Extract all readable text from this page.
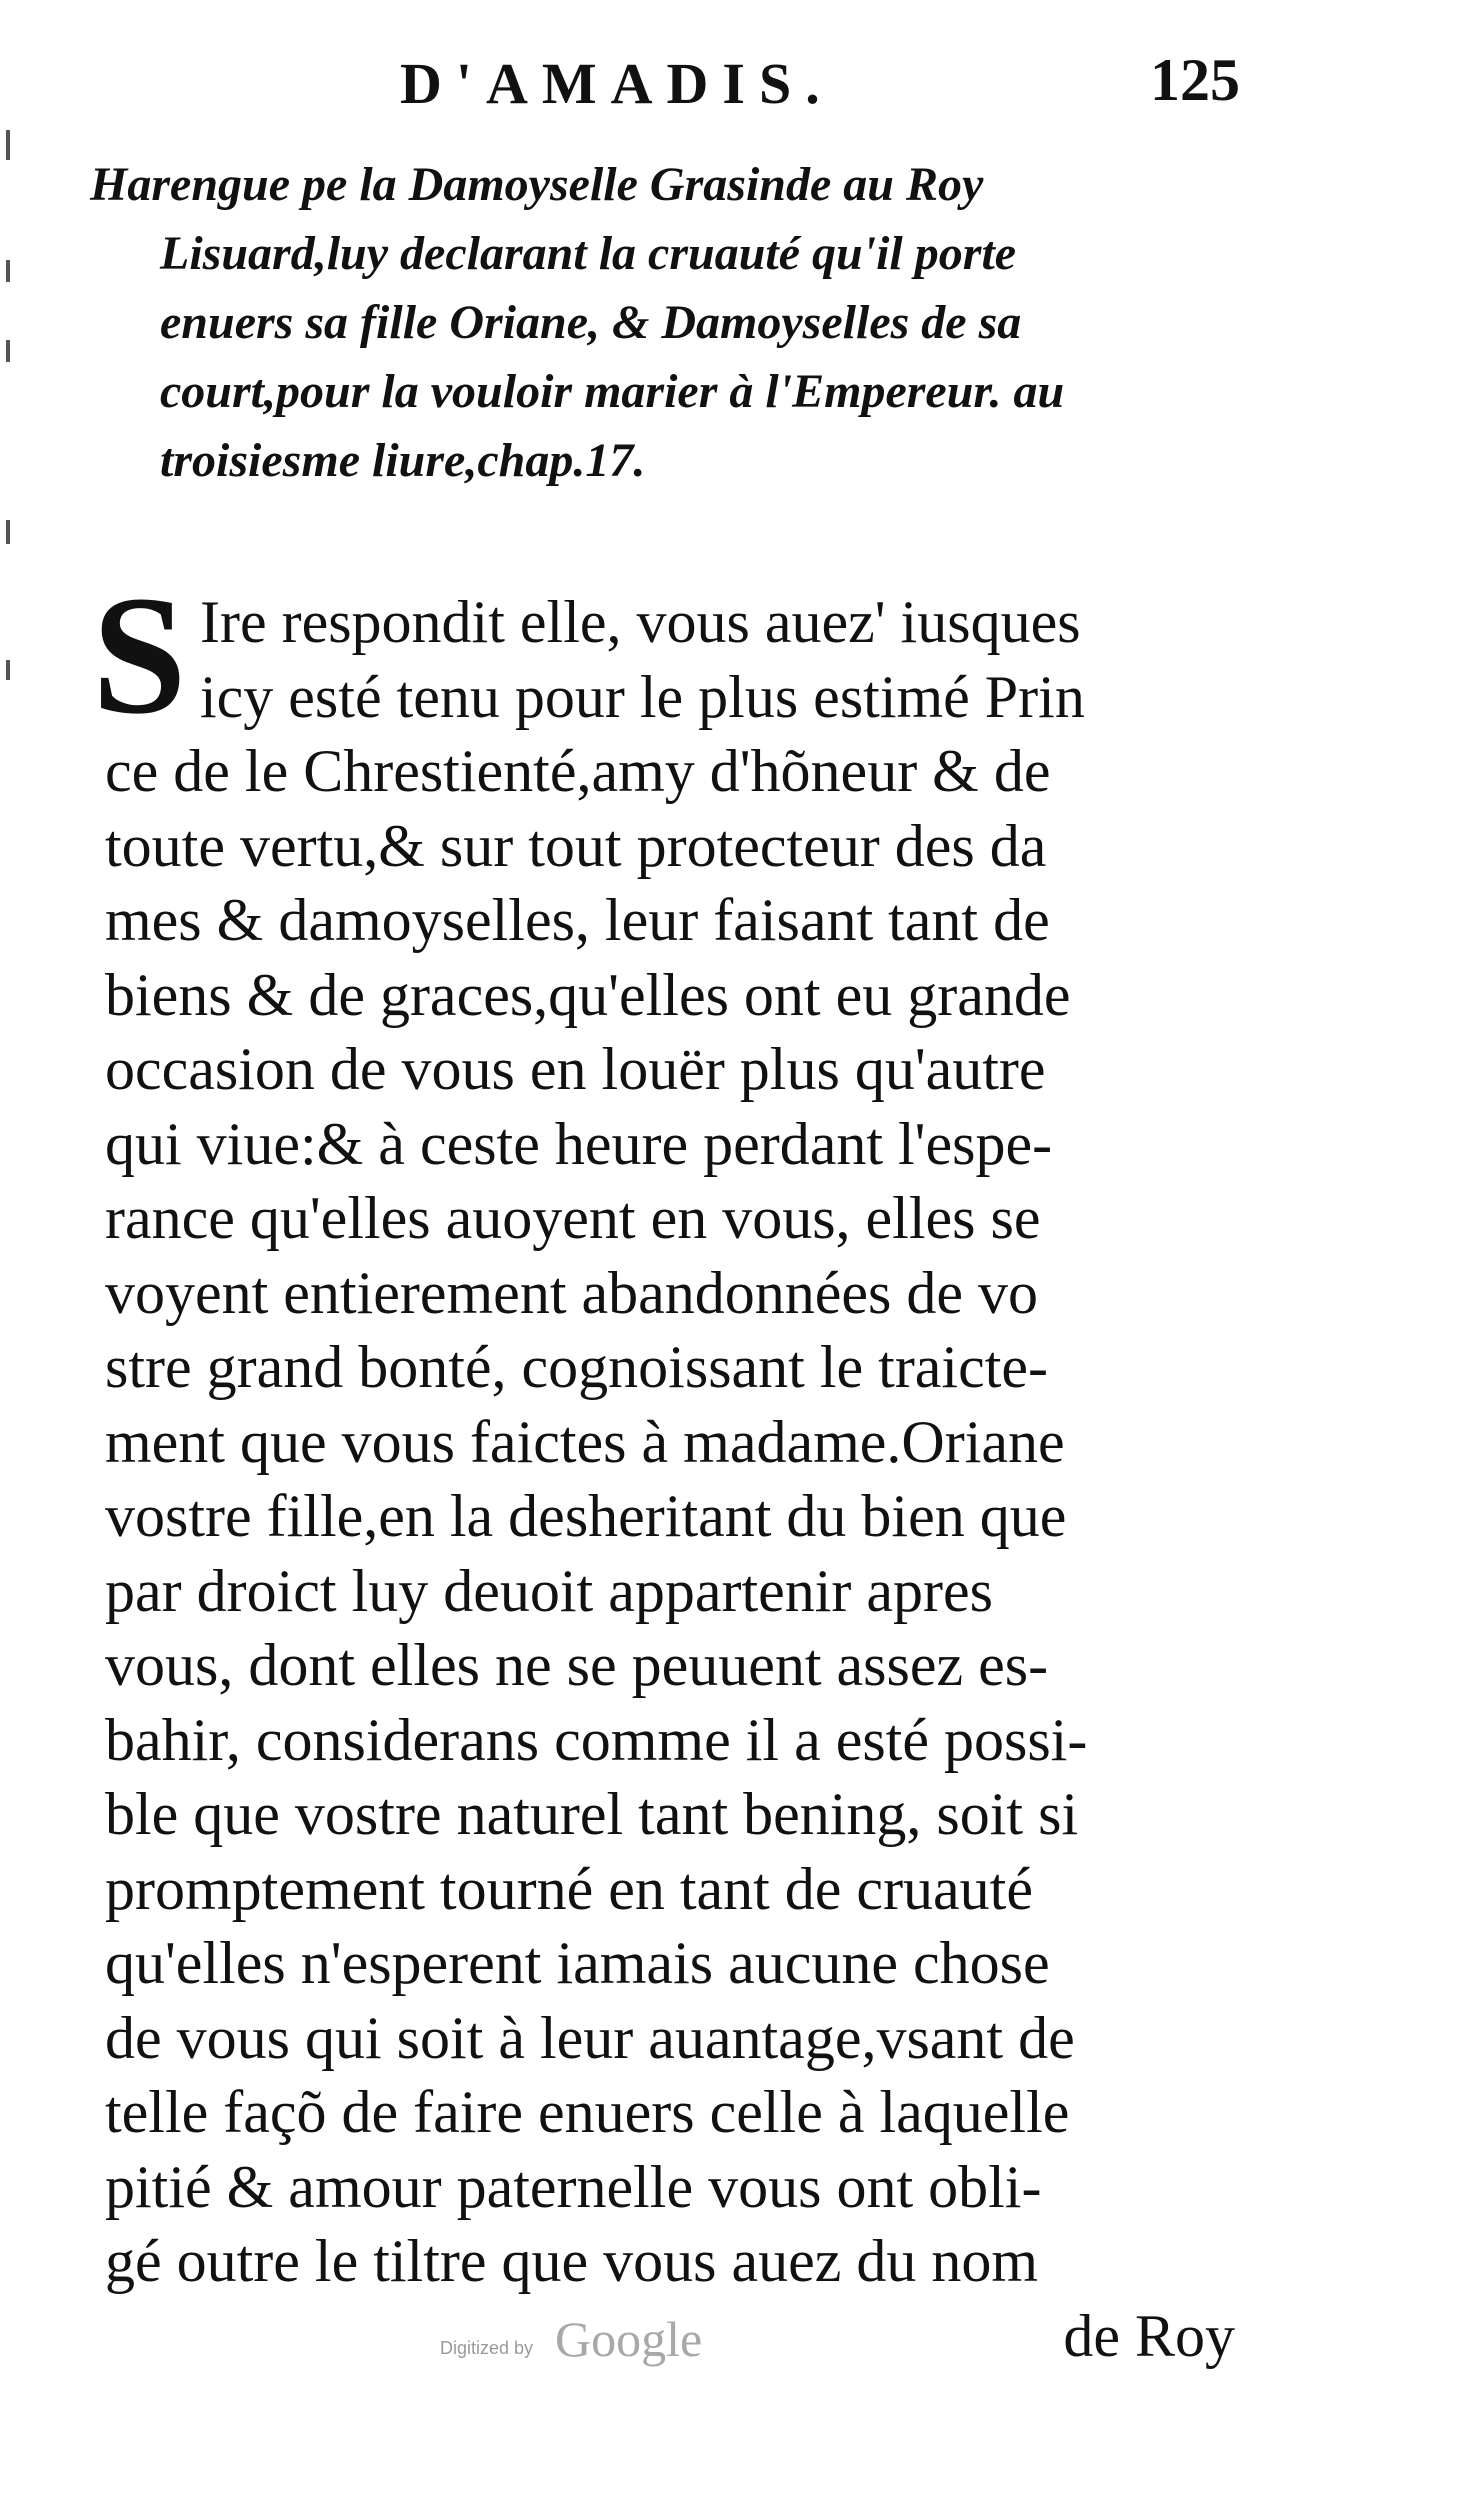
D'AMADIS.	125
Harengue pe la Damoyselle Grasinde au Roy
Lisuard,luy declarant la cruauté qu'il porte
enuers sa fille Oriane, & Damoyselles de sa
court,pour la vouloir marier à l'Empereur. au
troisiesme liure,chap.17.
S Ire respondit elle, vous auez' iusques
icy esté tenu pour le plus estimé Prin
ce de le Chrestienté,amy d'hõneur & de
toute vertu,& sur tout protecteur des da
mes & damoyselles, leur faisant tant de
biens & de graces,qu'elles ont eu grande
occasion de vous en louër plus qu'autre
qui viue:& à ceste heure perdant l'espe-
rance qu'elles auoyent en vous, elles se
voyent entierement abandonnées de vo
stre grand bonté, cognoissant le traicte-
ment que vous faictes à madame.Oriane
vostre fille,en la desheritant du bien que
par droict luy deuoit appartenir apres
vous, dont elles ne se peuuent assez es-
bahir, considerans comme il a esté possi-
ble que vostre naturel tant bening, soit si
promptement tourné en tant de cruauté
qu'elles n'esperent iamais aucune chose
de vous qui soit à leur auantage,vsant de
telle façõ de faire enuers celle à laquelle
pitié & amour paternelle vous ont obli-
gé outre le tiltre que vous auez du nom
de Roy
Digitized by Google
